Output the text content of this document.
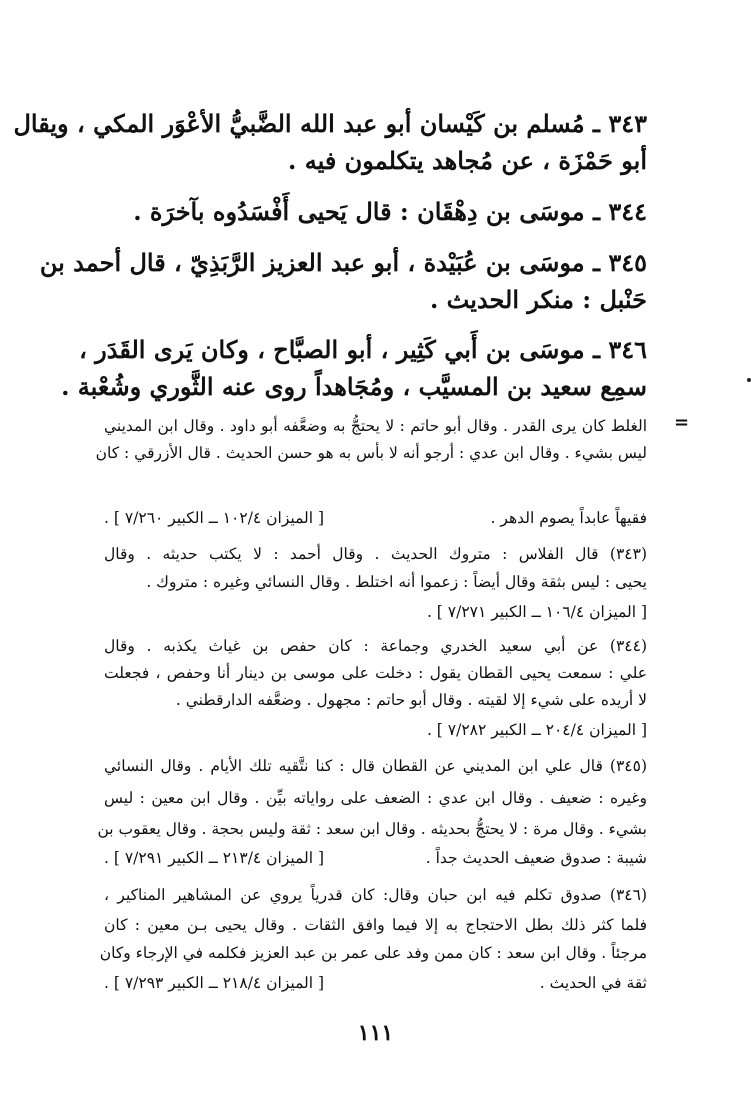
٣٤٣ ـ مُسلم بن كَيْسان أبو عبد الله الضَّبيُّ الأعْوَر المكي ، ويقال
أبو حَمْزَة ، عن مُجاهد يتكلمون فيه .
٣٤٤ ـ موسَى بن دِهْقَان : قال يَحيى أَفْسَدُوه بآخرَة .
٣٤٥ ـ موسَى بن عُبَيْدة ، أبو عبد العزيز الرَّبَذِيّ ، قال أحمد بن
حَنْبل : منكر الحديث .
٣٤٦ ـ موسَى بن أَبي كَثِير ، أبو الصبَّاح ، وكان يَرى القَدَر ،
سمِع سعيد بن المسيَّب ، ومُجَاهداً روى عنه الثَّوري وشُعْبة .
=
الغلط كان يرى القدر . وقال أبو حاتم : لا يحتجُّ به وضعَّفه أبو داود . وقال ابن المديني
ليس بشيء . وقال ابن عدي : أرجو أنه لا بأس به هو حسن الحديث . قال الأزرقي : كان
فقيهاً عابداً يصوم الدهر .
[ الميزان ١٠٢/٤ ــ الكبير ٧/٢٦٠ ] .
(٣٤٣) قال الفلاس : متروك الحديث . وقال أحمد : لا يكتب حديثه . وقال
يحيى : ليس بثقة وقال أيضاً : زعموا أنه اختلط . وقال النسائي وغيره : متروك .
[ الميزان ١٠٦/٤ ــ الكبير ٧/٢٧١ ] .
(٣٤٤) عن أبي سعيد الخدري وجماعة : كان حفص بن غياث يكذبه . وقال
علي : سمعت يحيى القطان يقول : دخلت على موسى بن دينار أنا وحفص ، فجعلت
لا أريده على شيء إلا لقيته . وقال أبو حاتم : مجهول . وضعَّفه الدارقطني .
[ الميزان ٢٠٤/٤ ــ الكبير ٧/٢٨٢ ] .
(٣٤٥) قال علي ابن المديني عن القطان قال : كنا نتَّقيه تلك الأيام . وقال النسائي
وغيره : ضعيف . وقال ابن عدي : الضعف على رواياته بيِّن . وقال ابن معين : ليس
بشيء . وقال مرة : لا يحتجُّ بحديثه . وقال ابن سعد : ثقة وليس بحجة . وقال يعقوب بن
شيبة : صدوق ضعيف الحديث جداً .
[ الميزان ٢١٣/٤ ــ الكبير ٧/٢٩١ ] .
(٣٤٦) صدوق تكلم فيه ابن حبان وقال: كان قدرياً يروي عن المشاهير المناكير ،
فلما كثر ذلك بطل الاحتجاج به إلا فيما وافق الثقات . وقال يحيى بـن معين : كان
مرجئاً . وقال ابن سعد : كان ممن وفد على عمر بن عبد العزيز فكلمه في الإرجاء وكان
ثقة في الحديث .
[ الميزان ٢١٨/٤ ــ الكبير ٧/٢٩٣ ] .
١١١
